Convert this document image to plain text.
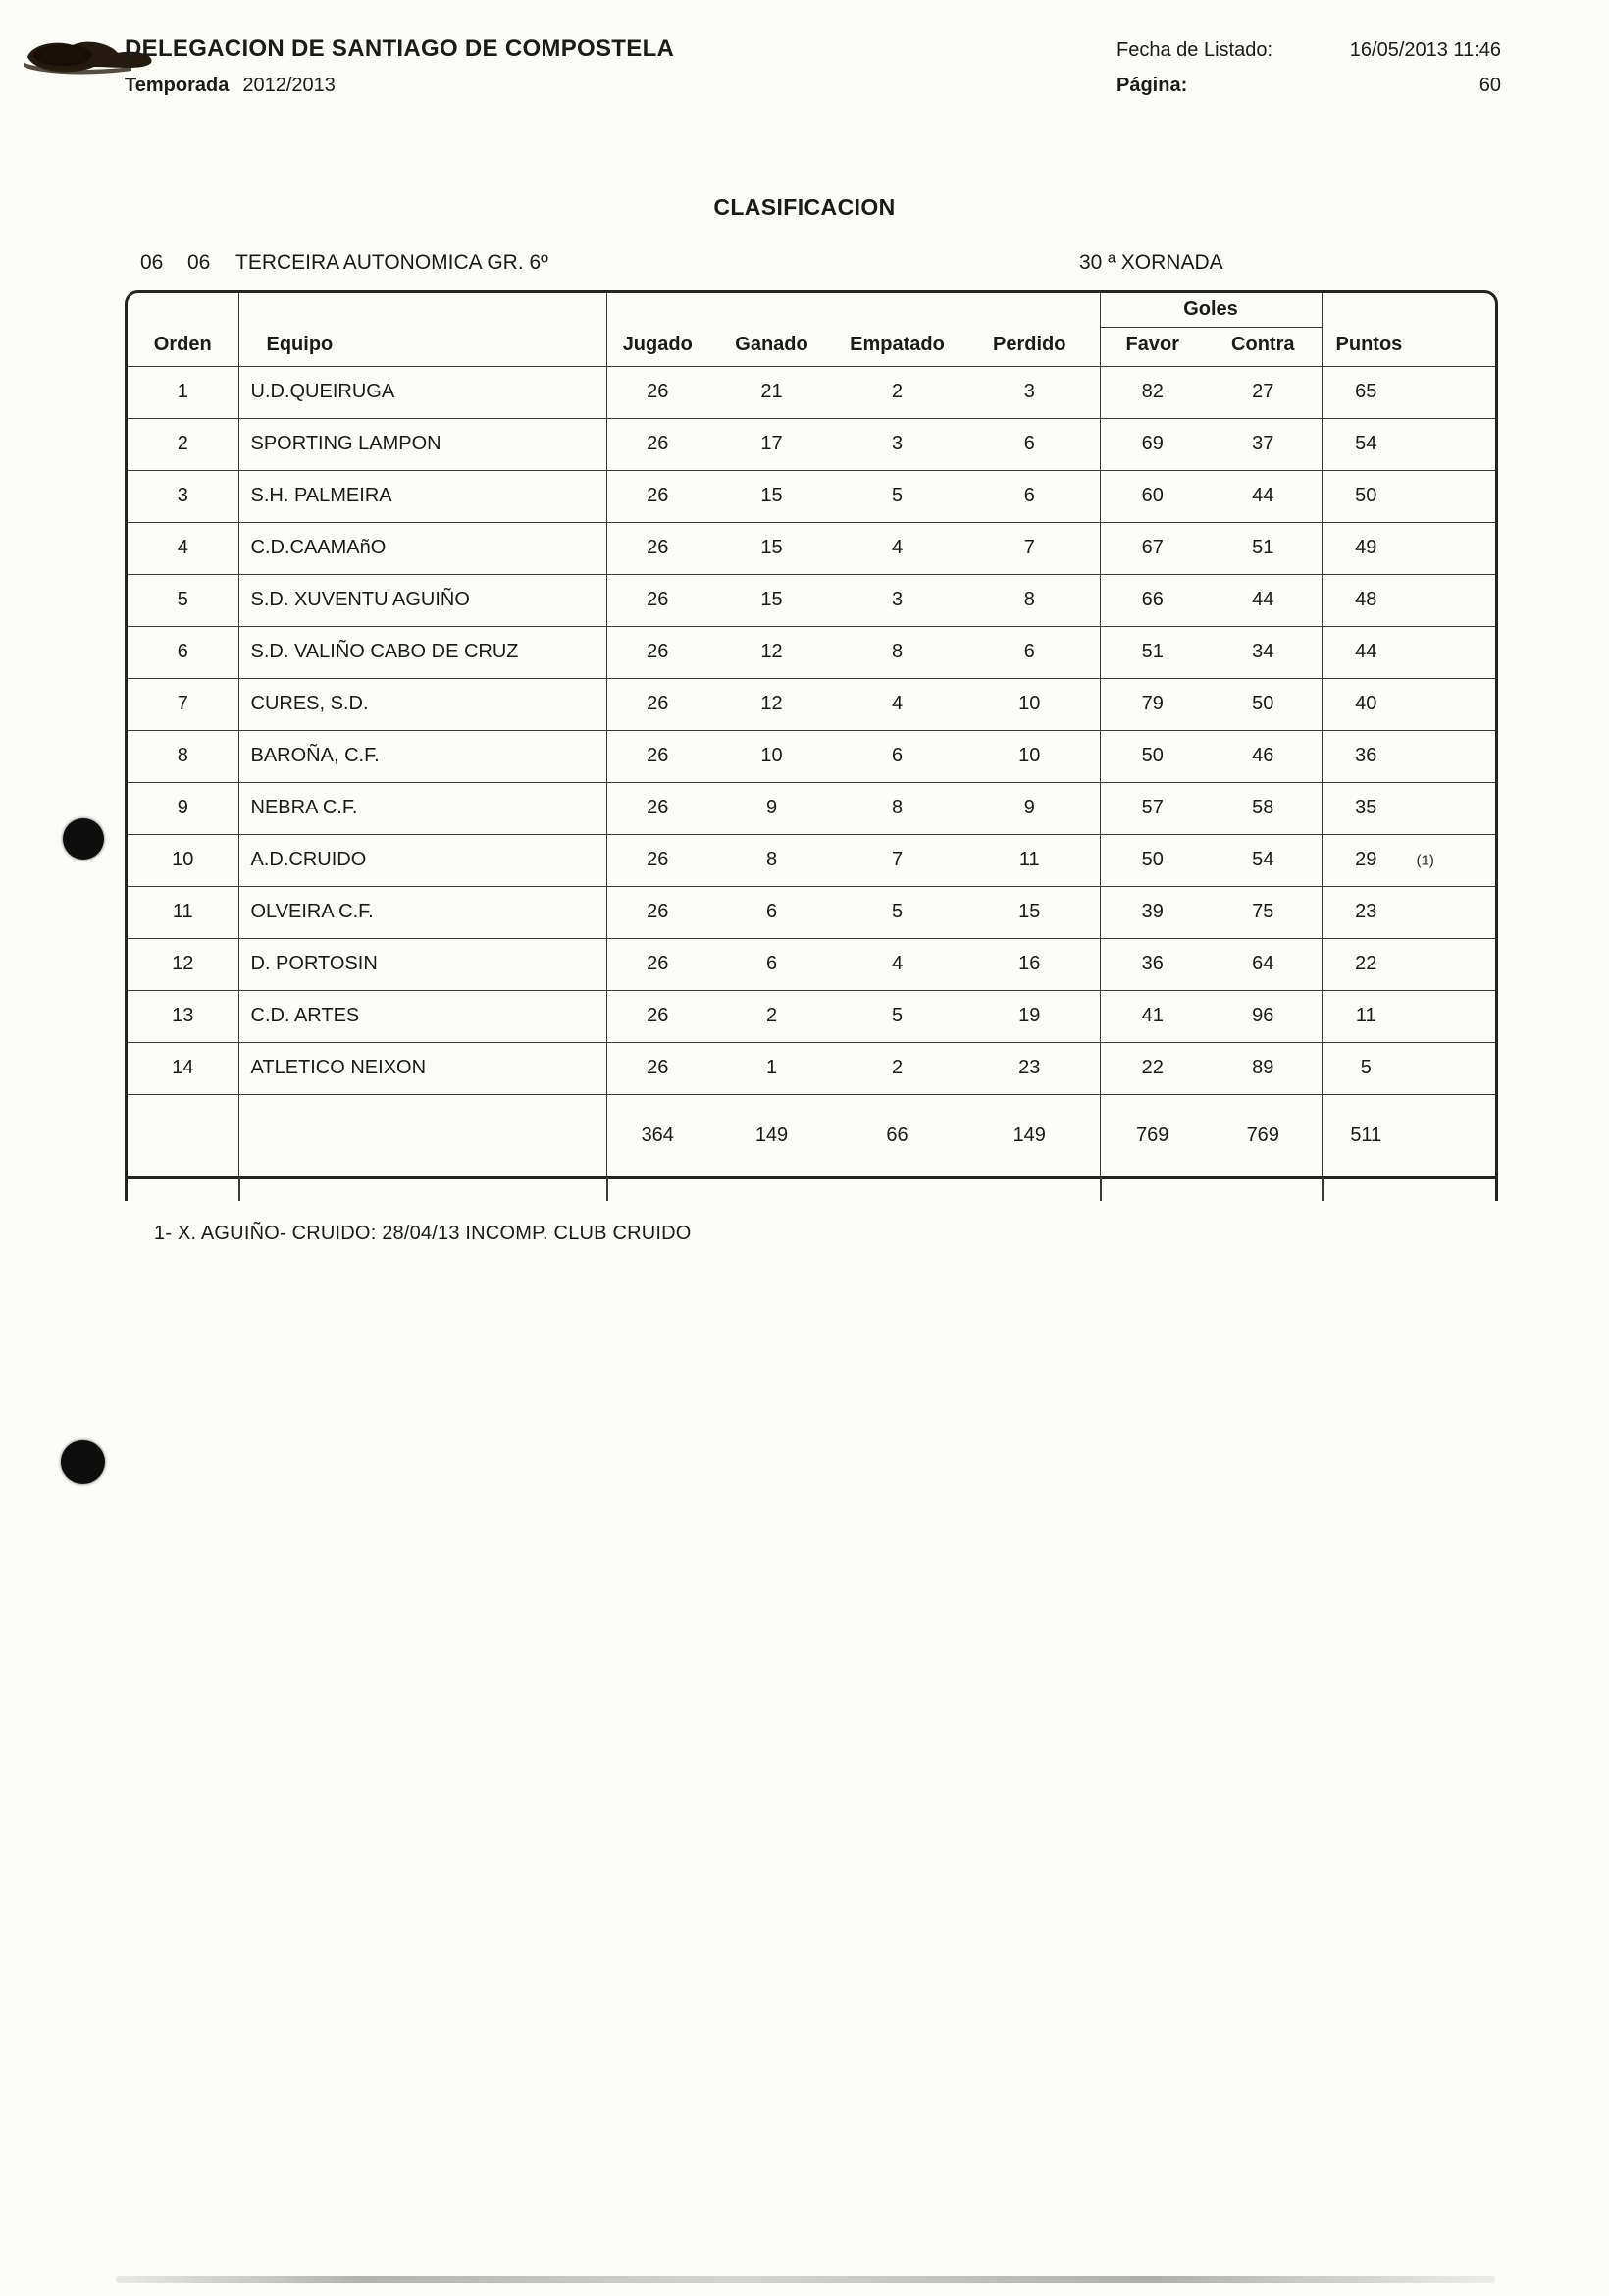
DELEGACION DE SANTIAGO DE COMPOSTELA
Temporada 2012/2013
Fecha de Listado:	16/05/2013 11:46
Página:	60
CLASIFICACION
06 06 TERCEIRA AUTONOMICA GR. 6º	30 ª XORNADA
Orden	Equipo	Jugado	Ganado	Empatado	Perdido	Goles		Puntos
						Favor	Contra	
1	U.D.QUEIRUGA	26	21	2	3	82	27	65
2	SPORTING LAMPON	26	17	3	6	69	37	54
3	S.H. PALMEIRA	26	15	5	6	60	44	50
4	C.D.CAAMAñO	26	15	4	7	67	51	49
5	S.D. XUVENTU AGUIÑO	26	15	3	8	66	44	48
6	S.D. VALIÑO CABO DE CRUZ	26	12	8	6	51	34	44
7	CURES, S.D.	26	12	4	10	79	50	40
8	BAROÑA, C.F.	26	10	6	10	50	46	36
9	NEBRA C.F.	26	9	8	9	57	58	35
10	A.D.CRUIDO	26	8	7	11	50	54	29 (1)

11	OLVEIRA C.F.	26	6	5	15	39	75	23
12	D. PORTOSIN	26	6	4	16	36	64	22
13	C.D. ARTES	26	2	5	19	41	96	11
14	ATLETICO NEIXON	26	1	2	23	22	89	5
		364	149	66	149	769	769	511
1- X. AGUIÑO- CRUIDO: 28/04/13 INCOMP. CLUB CRUIDO
